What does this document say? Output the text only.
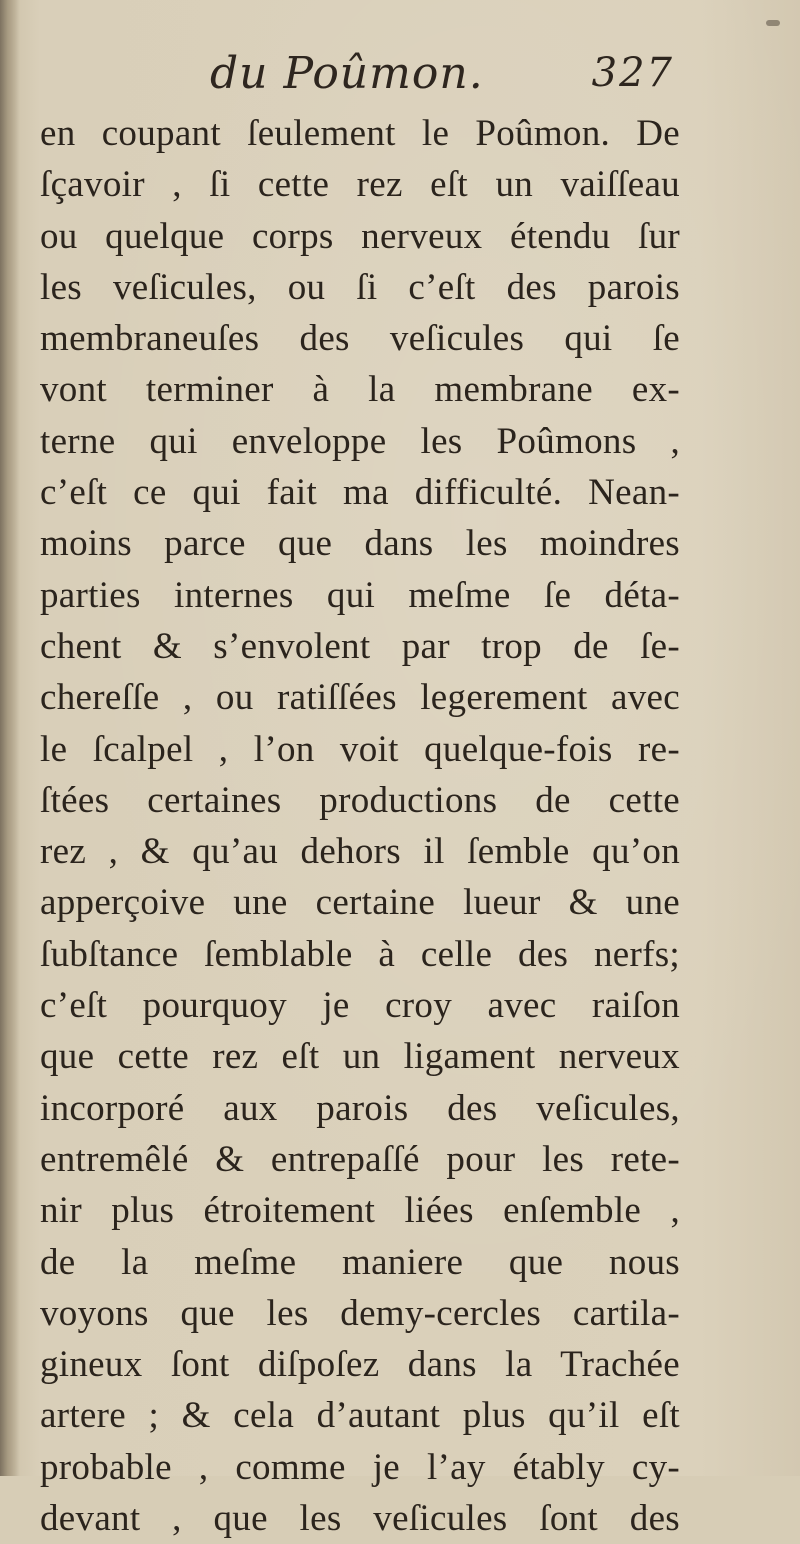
du Poûmon.	327
en coupant ſeulement le Poûmon. De
ſçavoir , ſi cette rez eſt un vaiſſeau
ou quelque corps nerveux étendu ſur
les veſicules, ou ſi c’eſt des parois
membraneuſes des veſicules qui ſe
vont terminer à la membrane ex-
terne qui enveloppe les Poûmons ,
c’eſt ce qui fait ma difficulté. Nean-
moins parce que dans les moindres
parties internes qui meſme ſe déta-
chent & s’envolent par trop de ſe-
chereſſe , ou ratiſſées legerement avec
le ſcalpel , l’on voit quelque-fois re-
ſtées certaines productions de cette
rez , & qu’au dehors il ſemble qu’on
apperçoive une certaine lueur & une
ſubſtance ſemblable à celle des nerfs;
c’eſt pourquoy je croy avec raiſon
que cette rez eſt un ligament nerveux
incorporé aux parois des veſicules,
entremêlé & entrepaſſé pour les rete-
nir plus étroitement liées enſemble ,
de la meſme maniere que nous
voyons que les demy-cercles cartila-
gineux ſont diſpoſez dans la Trachée
artere ; & cela d’autant plus qu’il eſt
probable , comme je l’ay étably cy-
devant , que les veſicules ſont des
